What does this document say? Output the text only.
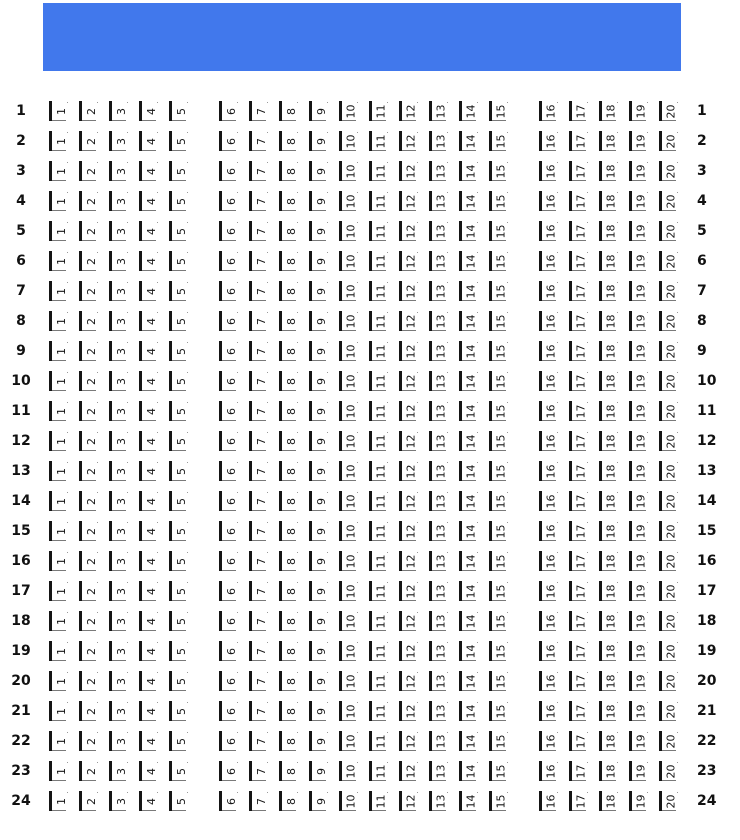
1	1 2 3 4 5	6 7 8 9 10 11 12 13 14 15	16 17 18 19 20 1
2	1 2 3 4 5	6 7 8 9 10 11 12 13 14 15	16 17 18 19 20 2
3	1 2 3 4 5	6 7 8 9 10 11 12 13 14 15	16 17 18 19 20 3
4	1 2 3 4 5	6 7 8 9 10 11 12 13 14 15	16 17 18 19 20 4
5	1 2 3 4 5	6 7 8 9 10 11 12 13 14 15	16 17 18 19 20 5
6	1 2 3 4 5	6 7 8 9 10 11 12 13 14 15	16 17 18 19 20 6
7	1 2 3 4 5	6 7 8 9 10 11 12 13 14 15	16 17 18 19 20 7
8	1 2 3 4 5	6 7 8 9 10 11 12 13 14 15	16 17 18 19 20 8
9	1 2 3 4 5	6 7 8 9 10 11 12 13 14 15	16 17 18 19 20 9
10	1 2 3 4 5	6 7 8 9 10 11 12 13 14 15	16 17 18 19 20 10
11	1 2 3 4 5	6 7 8 9 10 11 12 13 14 15	16 17 18 19 20 11
12	1 2 3 4 5	6 7 8 9 10 11 12 13 14 15	16 17 18 19 20 12
13	1 2 3 4 5	6 7 8 9 10 11 12 13 14 15	16 17 18 19 20 13
14	1 2 3 4 5	6 7 8 9 10 11 12 13 14 15	16 17 18 19 20 14
15	1 2 3 4 5	6 7 8 9 10 11 12 13 14 15	16 17 18 19 20 15
16	1 2 3 4 5	6 7 8 9 10 11 12 13 14 15	16 17 18 19 20 16
17	1 2 3 4 5	6 7 8 9 10 11 12 13 14 15	16 17 18 19 20 17
18	1 2 3 4 5	6 7 8 9 10 11 12 13 14 15	16 17 18 19 20 18
19	1 2 3 4 5	6 7 8 9 10 11 12 13 14 15	16 17 18 19 20 19
20	1 2 3 4 5	6 7 8 9 10 11 12 13 14 15	16 17 18 19 20 20
21	1 2 3 4 5	6 7 8 9 10 11 12 13 14 15	16 17 18 19 20 21
22	1 2 3 4 5	6 7 8 9 10 11 12 13 14 15	16 17 18 19 20 22
23	1 2 3 4 5	6 7 8 9 10 11 12 13 14 15	16 17 18 19 20 23
24	1 2 3 4 5	6 7 8 9 10 11 12 13 14 15	16 17 18 19 20 24
